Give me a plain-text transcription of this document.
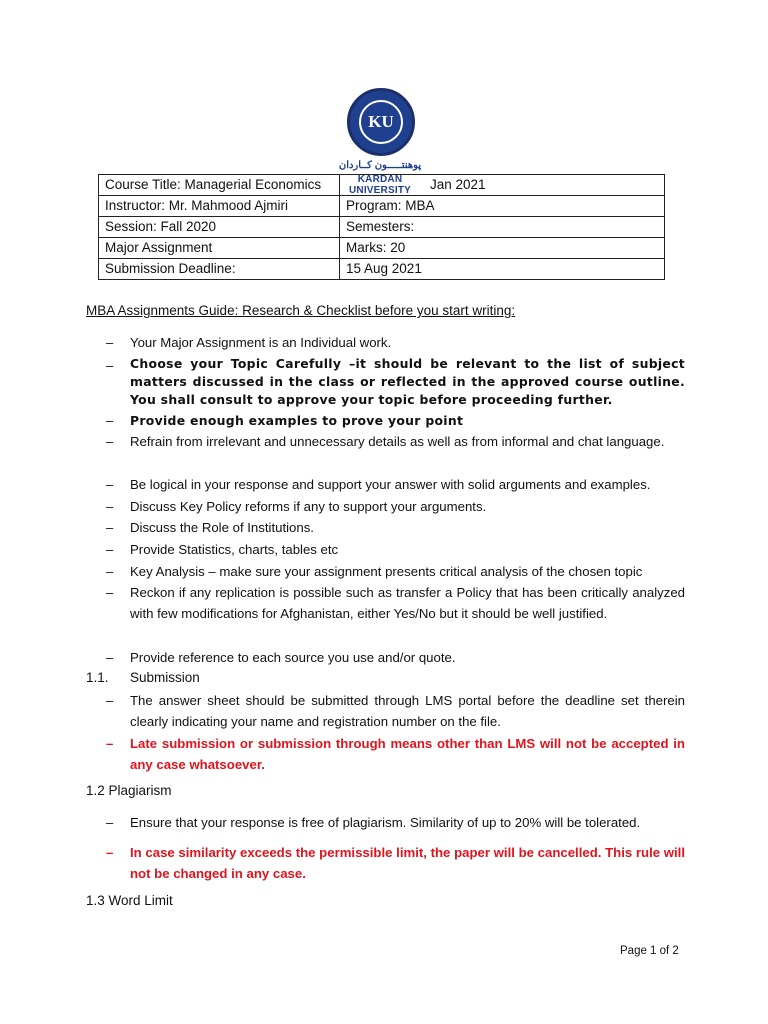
KU
پوهنتـــــون کــاردان
KARDAN UNIVERSITY
Course Title: Managerial Economics	Jan 2021
Instructor: Mr. Mahmood Ajmiri	Program: MBA
Session: Fall 2020	Semesters:
Major Assignment	Marks: 20
Submission Deadline:	15 Aug 2021
MBA Assignments Guide: Research & Checklist before you start writing:
– Your Major Assignment is an Individual work.
– Choose your Topic Carefully –it should be relevant to the list of subject matters discussed in the class or reflected in the approved course outline. You shall consult to approve your topic before proceeding further.
– Provide enough examples to prove your point
– Refrain from irrelevant and unnecessary details as well as from informal and chat language.
– Be logical in your response and support your answer with solid arguments and examples.
– Discuss Key Policy reforms if any to support your arguments.
– Discuss the Role of Institutions.
– Provide Statistics, charts, tables etc
– Key Analysis – make sure your assignment presents critical analysis of the chosen topic
– Reckon if any replication is possible such as transfer a Policy that has been critically analyzed with few modifications for Afghanistan, either Yes/No but it should be well justified.
– Provide reference to each source you use and/or quote.
1.1. Submission
– The answer sheet should be submitted through LMS portal before the deadline set therein clearly indicating your name and registration number on the file.
– Late submission or submission through means other than LMS will not be accepted in any case whatsoever.
1.2 Plagiarism
– Ensure that your response is free of plagiarism. Similarity of up to 20% will be tolerated.
– In case similarity exceeds the permissible limit, the paper will be cancelled. This rule will not be changed in any case.
1.3 Word Limit
Page 1 of 2
